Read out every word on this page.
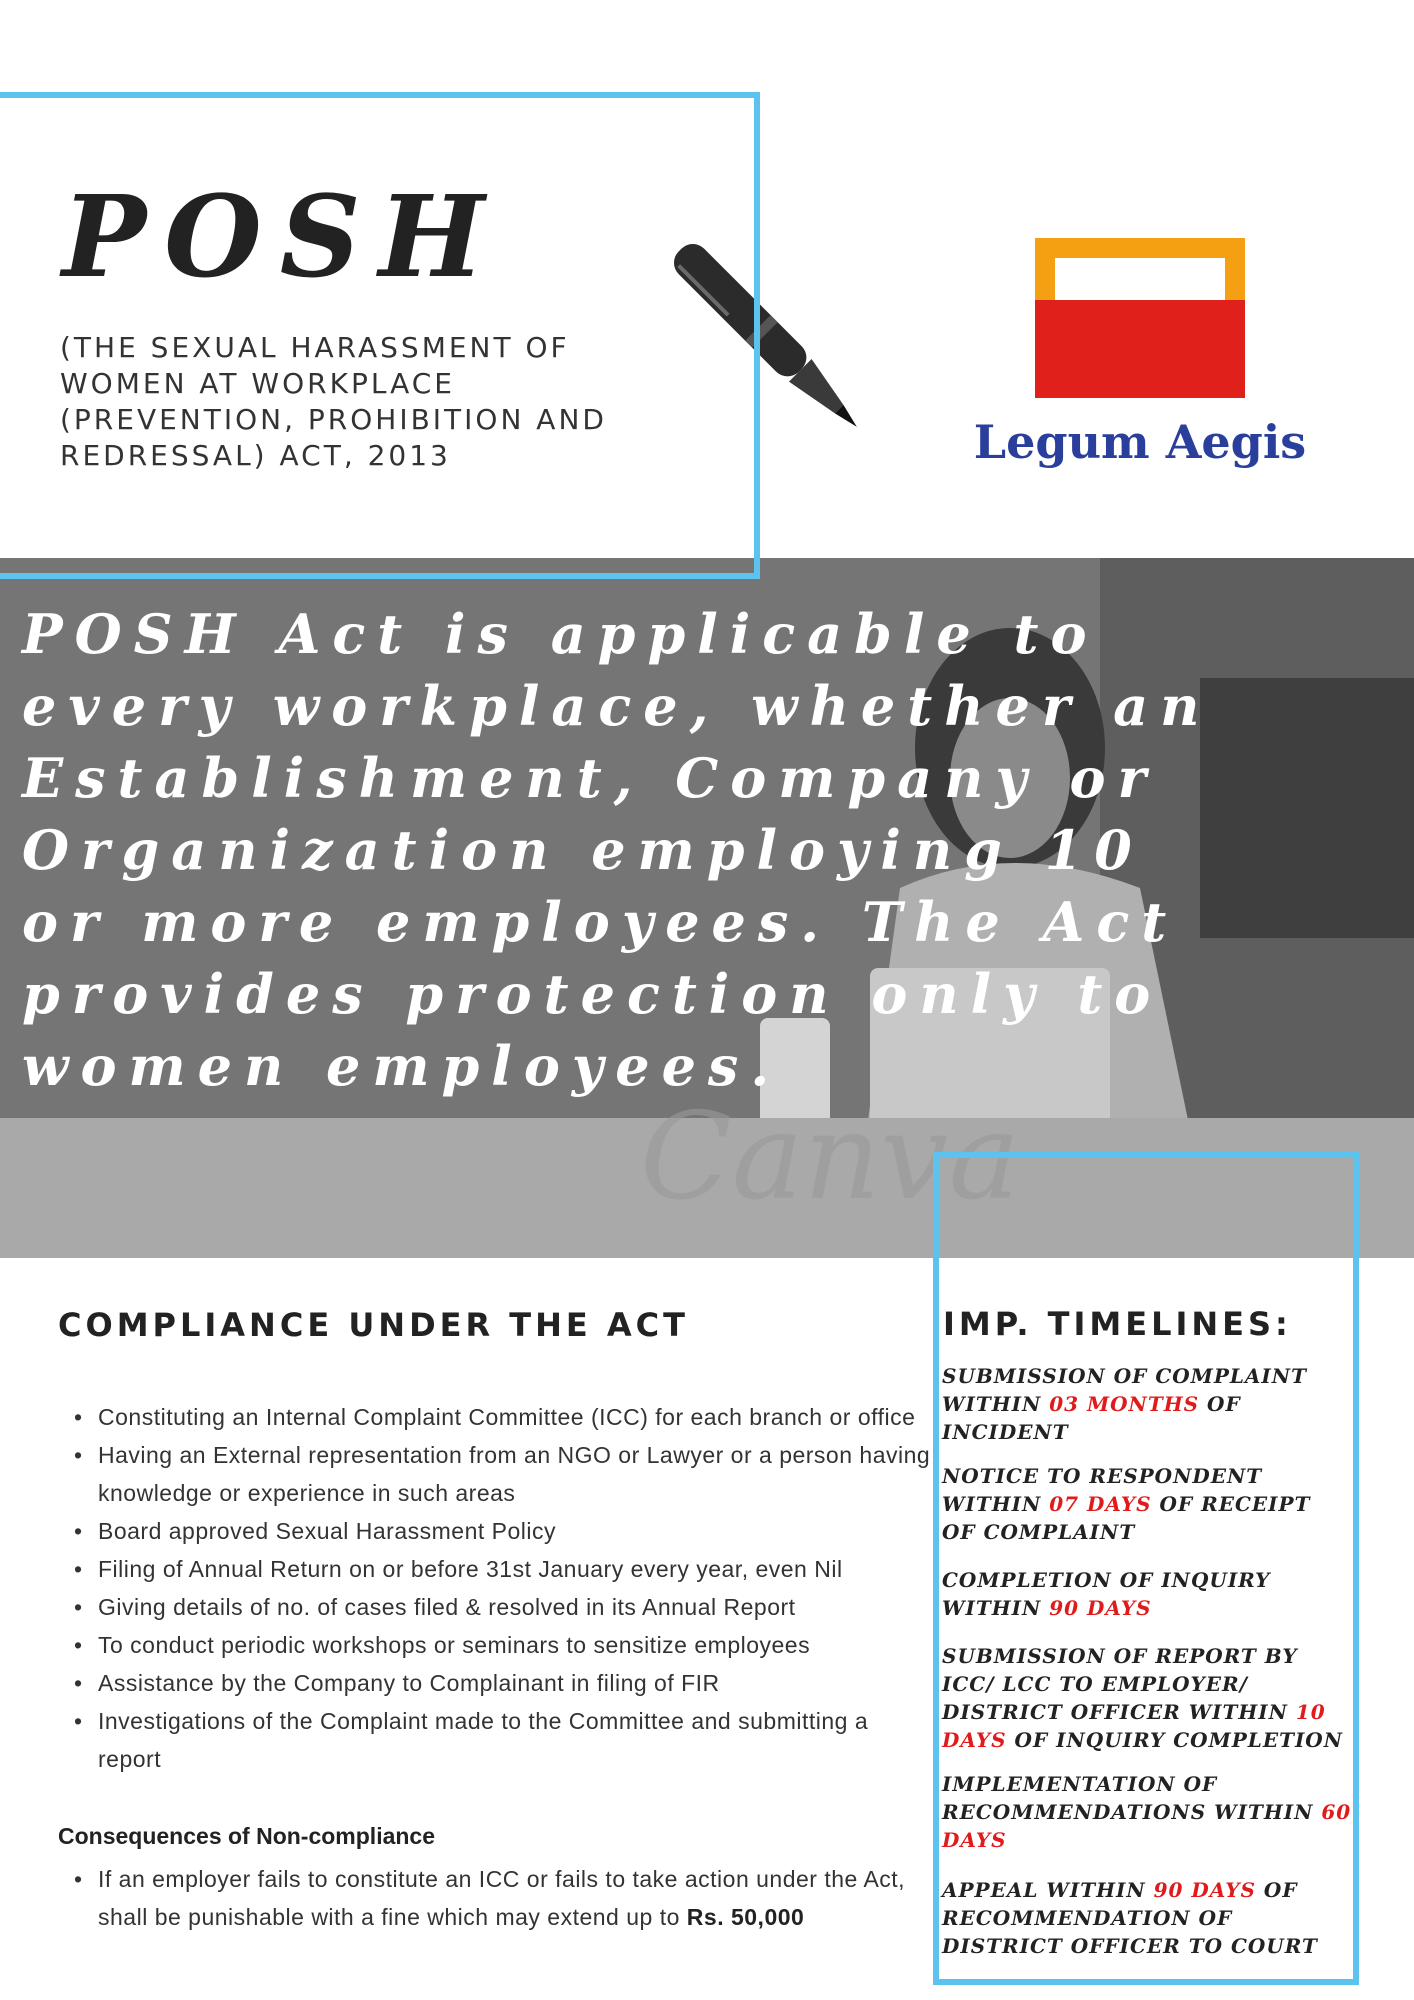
POSH
(THE SEXUAL HARASSMENT OF WOMEN AT WORKPLACE (PREVENTION, PROHIBITION AND REDRESSAL) ACT, 2013
LA
Legum Aegis
Canva

POSH Act is applicable to every workplace, whether an Establishment, Company or Organization employing 10 or more employees. The Act provides protection only to women employees.

COMPLIANCE UNDER THE ACT
• Constituting an Internal Complaint Committee (ICC) for each branch or office
• Having an External representation from an NGO or Lawyer or a person having knowledge or experience in such areas
• Board approved Sexual Harassment Policy
• Filing of Annual Return on or before 31st January every year, even Nil
• Giving details of no. of cases filed & resolved in its Annual Report
• To conduct periodic workshops or seminars to sensitize employees
• Assistance by the Company to Complainant in filing of FIR
• Investigations of the Complaint made to the Committee and submitting a report
Consequences of Non-compliance
• If an employer fails to constitute an ICC or fails to take action under the Act, shall be punishable with a fine which may extend up to Rs. 50,000
IMP. TIMELINES:

SUBMISSION OF COMPLAINT WITHIN 03 MONTHS OF INCIDENT

NOTICE TO RESPONDENT WITHIN 07 DAYS OF RECEIPT OF COMPLAINT

COMPLETION OF INQUIRY WITHIN 90 DAYS

SUBMISSION OF REPORT BY ICC/ LCC TO EMPLOYER/ DISTRICT OFFICER WITHIN 10 DAYS OF INQUIRY COMPLETION

IMPLEMENTATION OF RECOMMENDATIONS WITHIN 60 DAYS

APPEAL WITHIN 90 DAYS OF RECOMMENDATION OF DISTRICT OFFICER TO COURT
